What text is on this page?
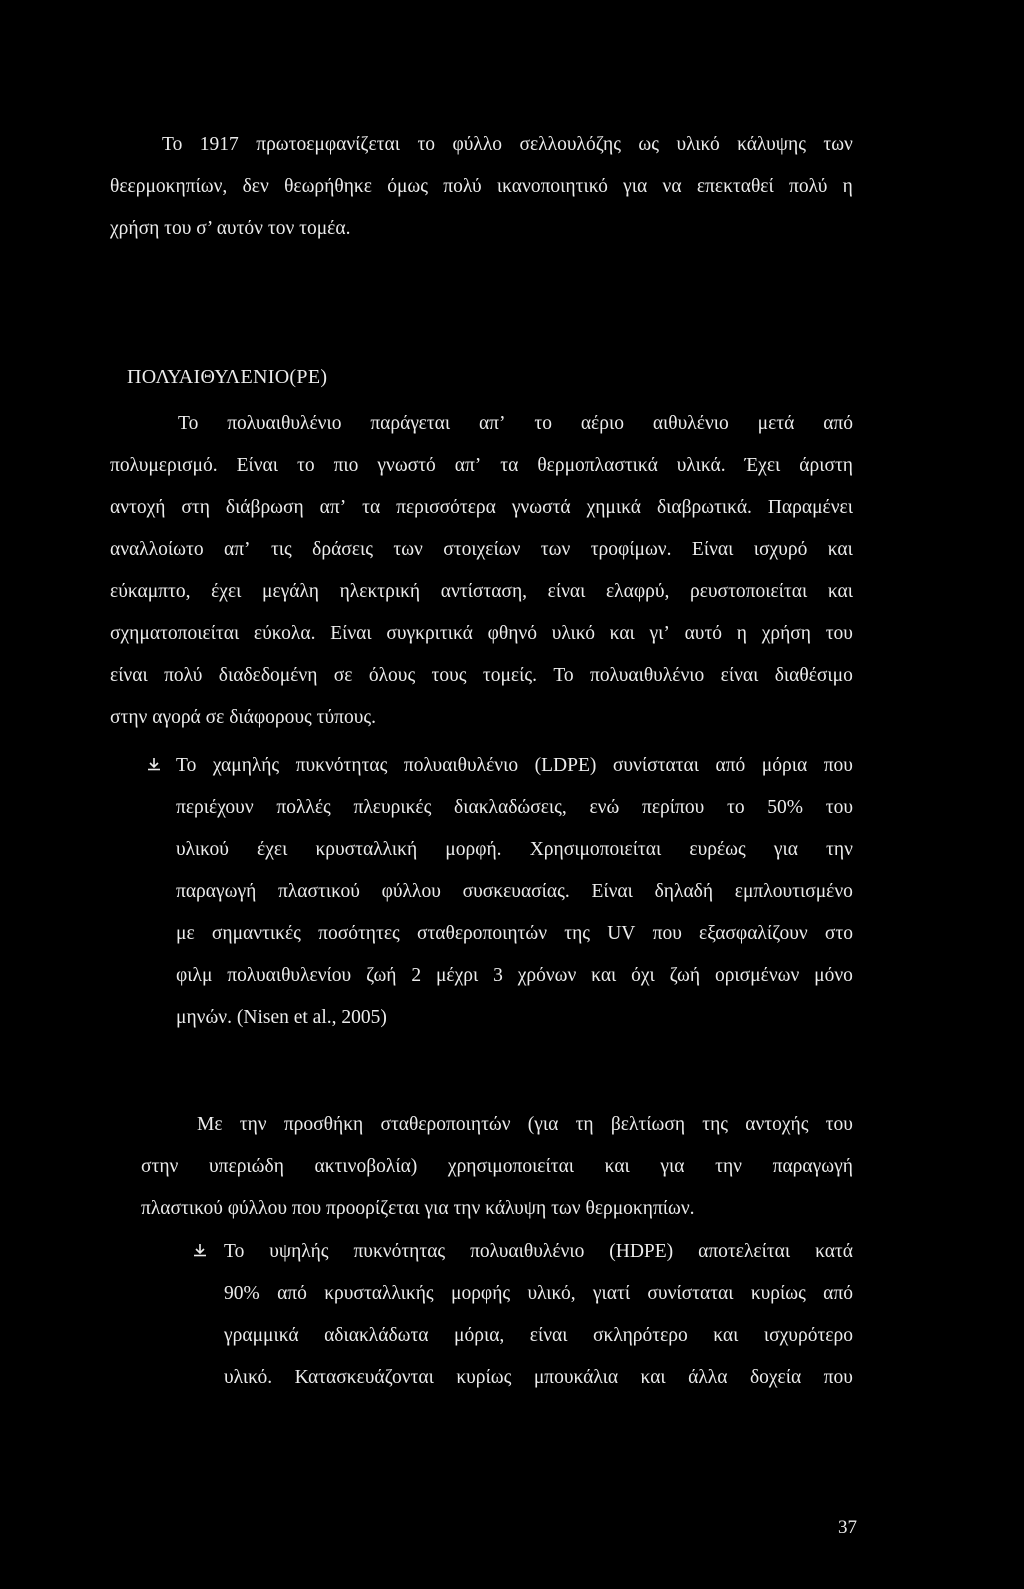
Το 1917 πρωτοεμφανίζεται το φύλλο σελλουλόζης ως υλικό κάλυψης των
θεερμοκηπίων, δεν θεωρήθηκε όμως πολύ ικανοποιητικό για να επεκταθεί πολύ η
χρήση του σ’ αυτόν τον τομέα.
ΠΟΛΥΑΙΘΥΛΕΝΙΟ(PE)
Το πολυαιθυλένιο παράγεται απ’ το αέριο αιθυλένιο μετά από
πολυμερισμό. Είναι το πιο γνωστό απ’ τα θερμοπλαστικά υλικά. Έχει άριστη
αντοχή στη διάβρωση απ’ τα περισσότερα γνωστά χημικά διαβρωτικά. Παραμένει
αναλλοίωτο απ’ τις δράσεις των στοιχείων των τροφίμων. Είναι ισχυρό και
εύκαμπτο, έχει μεγάλη ηλεκτρική αντίσταση, είναι ελαφρύ, ρευστοποιείται και
σχηματοποιείται εύκολα. Είναι συγκριτικά φθηνό υλικό και γι’ αυτό η χρήση του
είναι πολύ διαδεδομένη σε όλους τους τομείς. Το πολυαιθυλένιο είναι διαθέσιμο
στην αγορά σε διάφορους τύπους.
Το χαμηλής πυκνότητας πολυαιθυλένιο (LDPE) συνίσταται από μόρια που
περιέχουν πολλές πλευρικές διακλαδώσεις, ενώ περίπου το 50% του
υλικού έχει κρυσταλλική μορφή. Χρησιμοποιείται ευρέως για την
παραγωγή πλαστικού φύλλου συσκευασίας. Είναι δηλαδή εμπλουτισμένο
με σημαντικές ποσότητες σταθεροποιητών της UV που εξασφαλίζουν στο
φιλμ πολυαιθυλενίου ζωή 2 μέχρι 3 χρόνων και όχι ζωή ορισμένων μόνο
μηνών. (Nisen et al., 2005)
Με την προσθήκη σταθεροποιητών (για τη βελτίωση της αντοχής του
στην υπεριώδη ακτινοβολία) χρησιμοποιείται και για την παραγωγή
πλαστικού φύλλου που προορίζεται για την κάλυψη των θερμοκηπίων.
Το υψηλής πυκνότητας πολυαιθυλένιο (HDPE) αποτελείται κατά
90% από κρυσταλλικής μορφής υλικό, γιατί συνίσταται κυρίως από
γραμμικά αδιακλάδωτα μόρια, είναι σκληρότερο και ισχυρότερο
υλικό. Κατασκευάζονται κυρίως μπουκάλια και άλλα δοχεία που
37
